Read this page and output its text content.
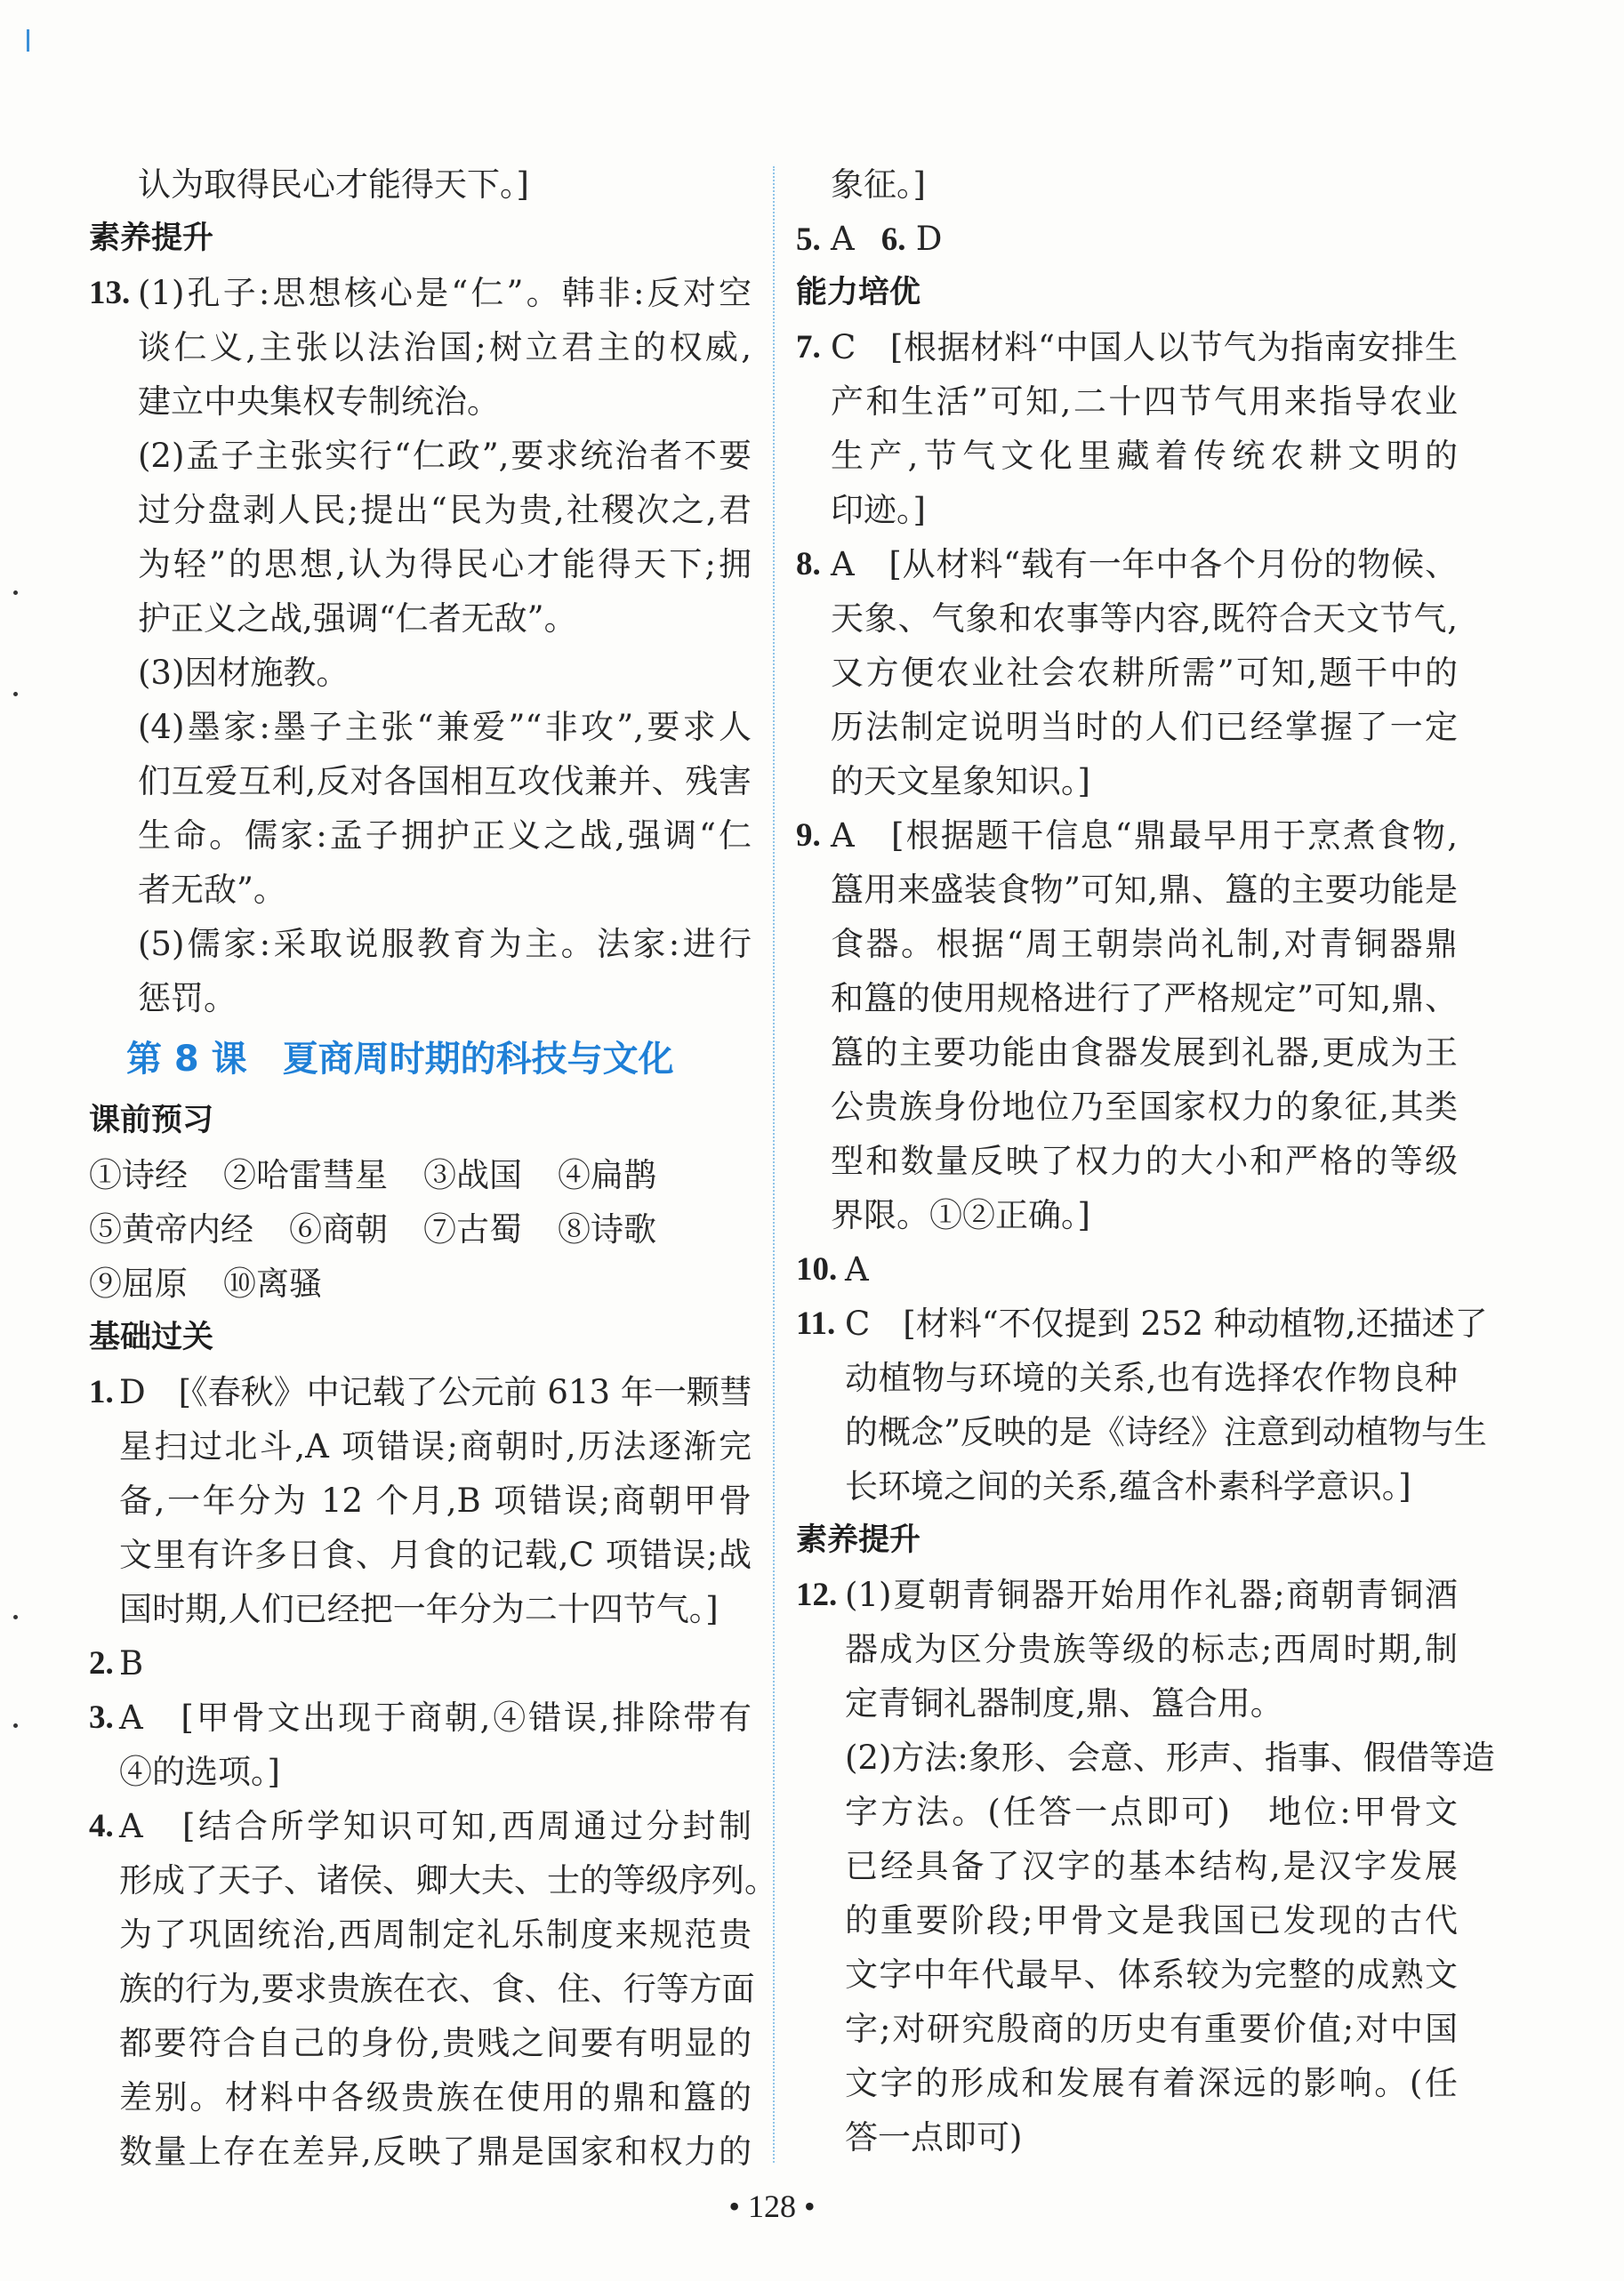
认为取得民心才能得天下。]
素养提升
13. (1)孔子:思想核心是“仁”。韩非:反对空
谈仁义,主张以法治国;树立君主的权威,
建立中央集权专制统治。
(2)孟子主张实行“仁政”,要求统治者不要
过分盘剥人民;提出“民为贵,社稷次之,君
为轻”的思想,认为得民心才能得天下;拥
护正义之战,强调“仁者无敌”。
(3)因材施教。
(4)墨家:墨子主张“兼爱”“非攻”,要求人
们互爱互利,反对各国相互攻伐兼并、残害
生命。儒家:孟子拥护正义之战,强调“仁
者无敌”。
(5)儒家:采取说服教育为主。法家:进行
惩罚。
第 8 课 夏商周时期的科技与文化
课前预习
①诗经 ②哈雷彗星 ③战国 ④扁鹊
⑤黄帝内经 ⑥商朝 ⑦古蜀 ⑧诗歌
⑨屈原 ⑩离骚
基础过关
1. D　[《春秋》中记载了公元前 613 年一颗彗
星扫过北斗,A 项错误;商朝时,历法逐渐完
备,一年分为 12 个月,B 项错误;商朝甲骨
文里有许多日食、月食的记载,C 项错误;战
国时期,人们已经把一年分为二十四节气。]
2. B
3. A　[甲骨文出现于商朝,④错误,排除带有
④的选项。]
4. A　[结合所学知识可知,西周通过分封制
形成了天子、诸侯、卿大夫、士的等级序列。
为了巩固统治,西周制定礼乐制度来规范贵
族的行为,要求贵族在衣、食、住、行等方面
都要符合自己的身份,贵贱之间要有明显的
差别。材料中各级贵族在使用的鼎和簋的
数量上存在差异,反映了鼎是国家和权力的
象征。]
5. A 6. D
能力培优
7. C　[根据材料“中国人以节气为指南安排生
产和生活”可知,二十四节气用来指导农业
生产,节气文化里藏着传统农耕文明的
印迹。]
8. A　[从材料“载有一年中各个月份的物候、
天象、气象和农事等内容,既符合天文节气,
又方便农业社会农耕所需”可知,题干中的
历法制定说明当时的人们已经掌握了一定
的天文星象知识。]
9. A　[根据题干信息“鼎最早用于烹煮食物,
簋用来盛装食物”可知,鼎、簋的主要功能是
食器。根据“周王朝崇尚礼制,对青铜器鼎
和簋的使用规格进行了严格规定”可知,鼎、
簋的主要功能由食器发展到礼器,更成为王
公贵族身份地位乃至国家权力的象征,其类
型和数量反映了权力的大小和严格的等级
界限。①②正确。]
10. A
11. C　[材料“不仅提到 252 种动植物,还描述了
动植物与环境的关系,也有选择农作物良种
的概念”反映的是《诗经》注意到动植物与生
长环境之间的关系,蕴含朴素科学意识。]
素养提升
12. (1)夏朝青铜器开始用作礼器;商朝青铜酒
器成为区分贵族等级的标志;西周时期,制
定青铜礼器制度,鼎、簋合用。
(2)方法:象形、会意、形声、指事、假借等造
字方法。(任答一点即可)　地位:甲骨文
已经具备了汉字的基本结构,是汉字发展
的重要阶段;甲骨文是我国已发现的古代
文字中年代最早、体系较为完整的成熟文
字;对研究殷商的历史有重要价值;对中国
文字的形成和发展有着深远的影响。(任
答一点即可)
• 128 •
